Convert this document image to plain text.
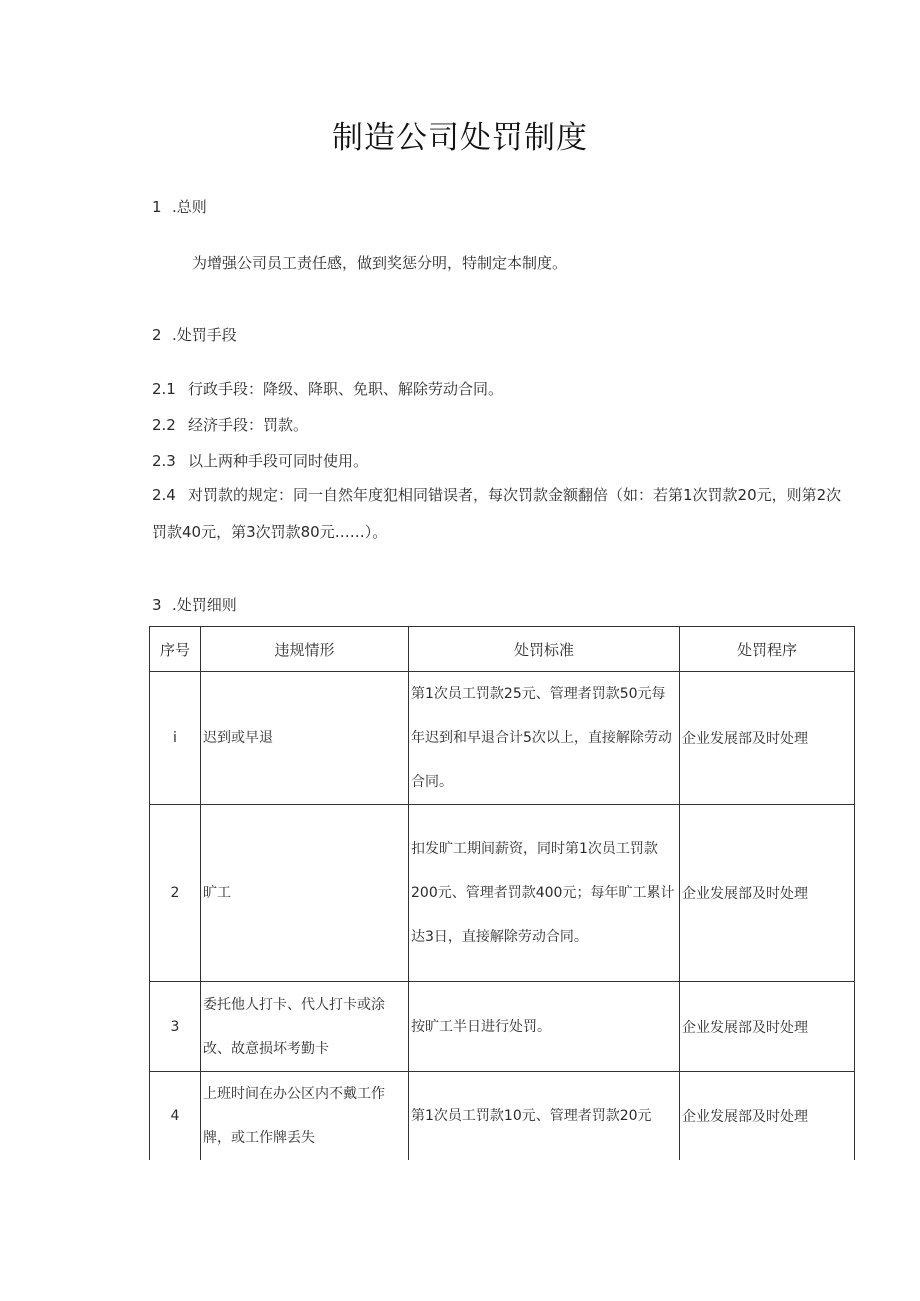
制造公司处罚制度
1 .总则
为增强公司员工责任感，做到奖惩分明，特制定本制度。
2 .处罚手段
2.1 行政手段：降级、降职、免职、解除劳动合同。
2.2 经济手段：罚款。
2.3 以上两种手段可同时使用。
2.4 对罚款的规定：同一自然年度犯相同错误者，每次罚款金额翻倍（如：若第1次罚款20元，则第2次罚款40元，第3次罚款80元……）。
3 .处罚细则
序号	违规情形	处罚标准	处罚程序
i	迟到或早退	第1次员工罚款25元、管理者罚款50元每年迟到和早退合计5次以上，直接解除劳动合同。	企业发展部及时处理
2	旷工	扣发旷工期间薪资，同时第1次员工罚款200元、管理者罚款400元；每年旷工累计达3日，直接解除劳动合同。	企业发展部及时处理
3	委托他人打卡、代人打卡或涂改、故意损坏考勤卡	按旷工半日进行处罚。	企业发展部及时处理
4	上班时间在办公区内不戴工作牌，或工作牌丢失	第1次员工罚款10元、管理者罚款20元	企业发展部及时处理
